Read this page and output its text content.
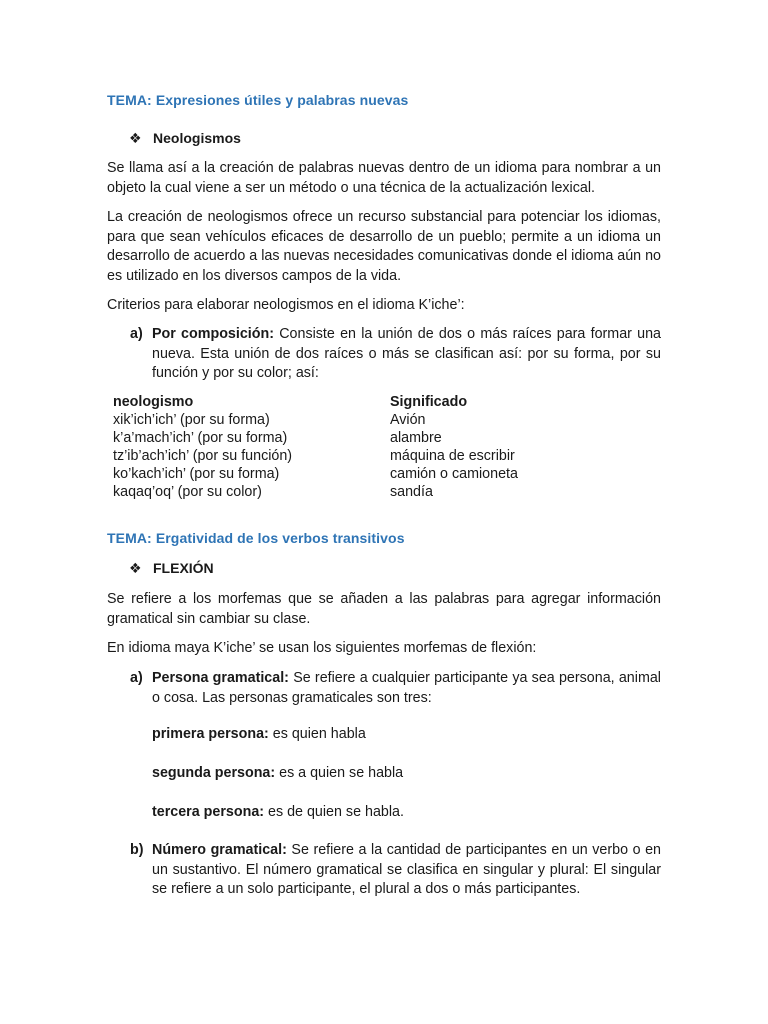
TEMA: Expresiones útiles y palabras nuevas
❖ Neologismos
Se llama así a la creación de palabras nuevas dentro de un idioma para nombrar a un objeto la cual viene a ser un método o una técnica de la actualización lexical.
La creación de neologismos ofrece un recurso substancial para potenciar los idiomas, para que sean vehículos eficaces de desarrollo de un pueblo; permite a un idioma un desarrollo de acuerdo a las nuevas necesidades comunicativas donde el idioma aún no es utilizado en los diversos campos de la vida.
Criterios para elaborar neologismos en el idioma K’iche’:
a) Por composición: Consiste en la unión de dos o más raíces para formar una nueva. Esta unión de dos raíces o más se clasifican así: por su forma, por su función y por su color; así:
neologismo
xik’ich’ich’ (por su forma)
k’a’mach’ich’ (por su forma)
tz’ib’ach’ich’ (por su función)
ko’kach’ich’ (por su forma)
kaqaq’oq’ (por su color)
Significado
Avión
alambre
máquina de escribir
camión o camioneta
sandía
TEMA: Ergatividad de los verbos transitivos
❖ FLEXIÓN
Se refiere a los morfemas que se añaden a las palabras para agregar información gramatical sin cambiar su clase.
En idioma maya K’iche’ se usan los siguientes morfemas de flexión:
a) Persona gramatical: Se refiere a cualquier participante ya sea persona, animal o cosa. Las personas gramaticales son tres:
primera persona: es quien habla
segunda persona: es a quien se habla
tercera persona: es de quien se habla.
b) Número gramatical: Se refiere a la cantidad de participantes en un verbo o en un sustantivo. El número gramatical se clasifica en singular y plural: El singular se refiere a un solo participante, el plural a dos o más participantes.
